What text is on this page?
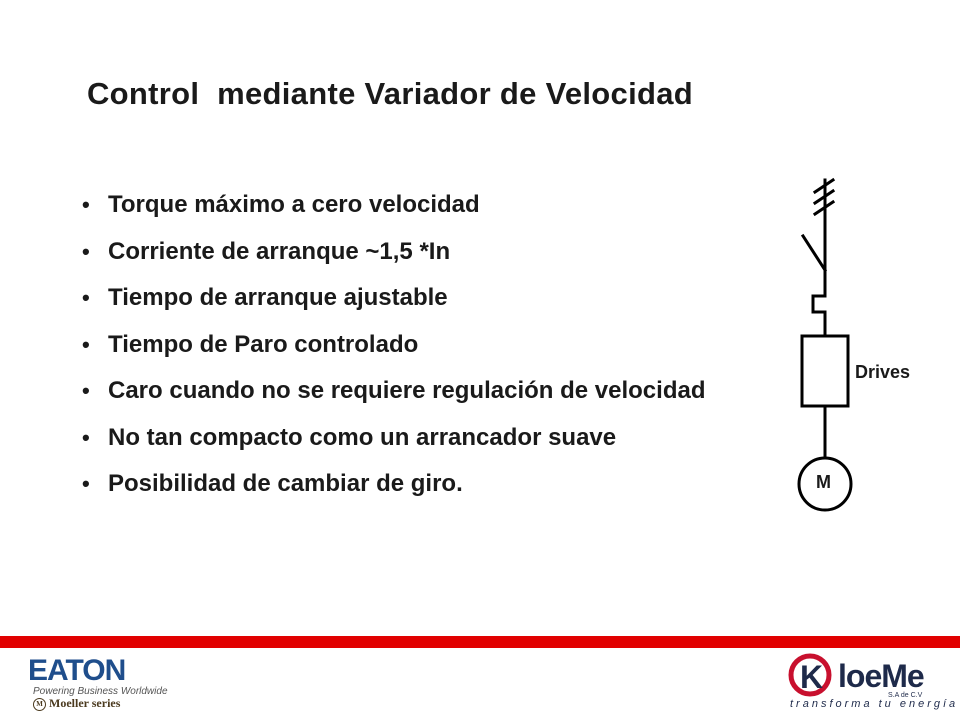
Control  mediante Variador de Velocidad
• Torque máximo a cero velocidad
• Corriente de arranque ~1,5 *In
• Tiempo de arranque ajustable
• Tiempo de Paro controlado
• Caro cuando no se requiere regulación de velocidad
• No tan compacto como un arrancador suave
• Posibilidad de cambiar de giro.
Drives
M
EATON
Powering Business Worldwide
M Moeller series
K loeMe
S.A de C.V
transforma tu energía
